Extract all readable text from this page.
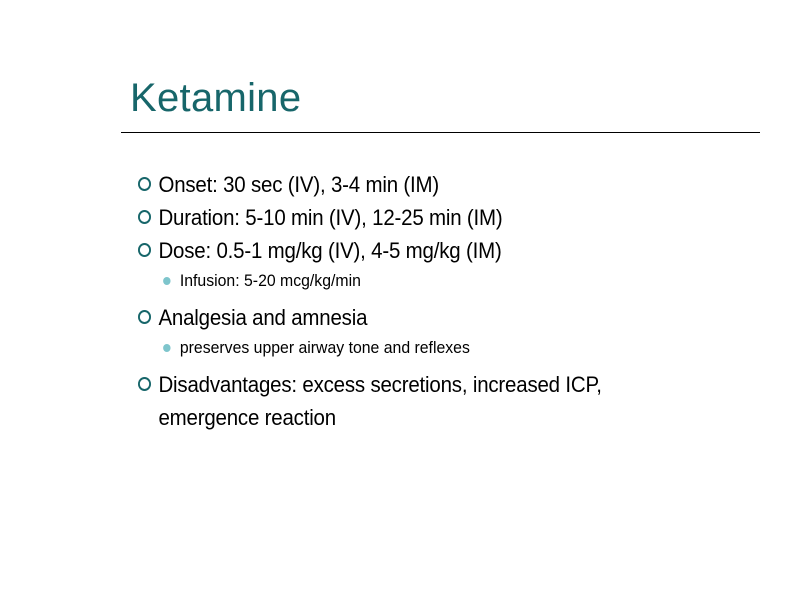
Ketamine
Onset: 30 sec (IV), 3-4 min (IM)
Duration: 5-10 min (IV), 12-25 min (IM)
Dose: 0.5-1 mg/kg (IV), 4-5 mg/kg (IM)
Infusion: 5-20 mcg/kg/min
Analgesia and amnesia
preserves upper airway tone and reflexes
Disadvantages: excess secretions, increased ICP,
emergence reaction
